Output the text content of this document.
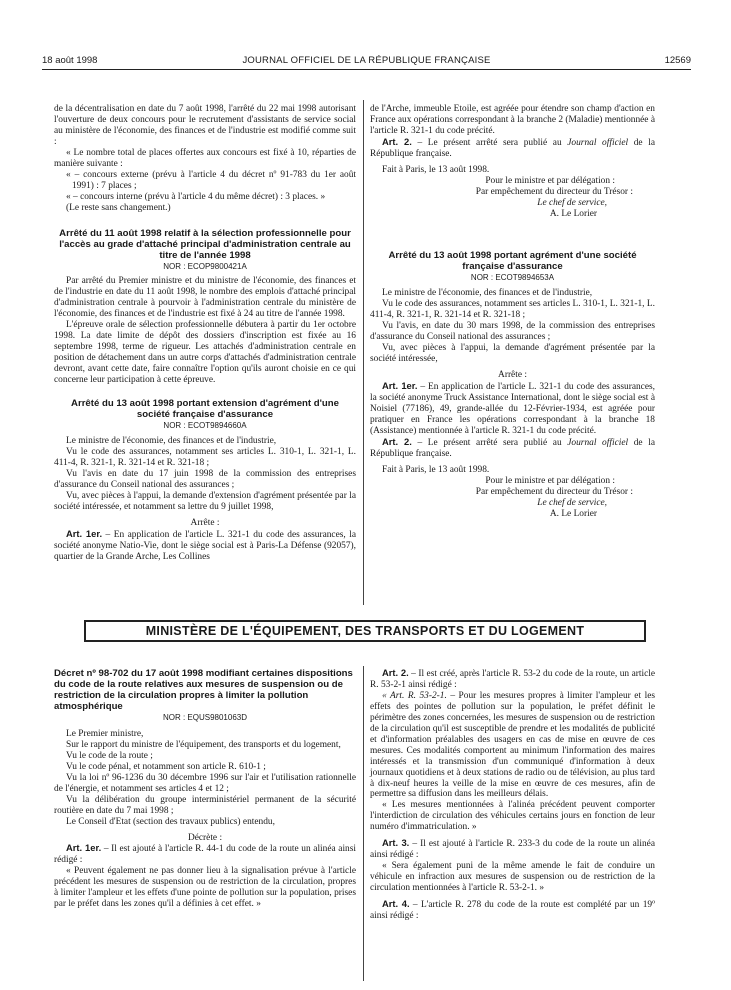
18 août 1998	JOURNAL OFFICIEL DE LA RÉPUBLIQUE FRANÇAISE	12569

de la décentralisation en date du 7 août 1998, l'arrêté du 22 mai 1998 autorisant l'ouverture de deux concours pour le recrutement d'assistants de service social au ministère de l'économie, des finances et de l'industrie est modifié comme suit :

« Le nombre total de places offertes aux concours est fixé à 10, réparties de manière suivante :

« – concours externe (prévu à l'article 4 du décret nº 91-783 du 1er août 1991) : 7 places ;

« – concours interne (prévu à l'article 4 du même décret) : 3 places. »

(Le reste sans changement.)

Arrêté du 11 août 1998 relatif à la sélection professionnelle pour l'accès au grade d'attaché principal d'administration centrale au titre de l'année 1998

NOR : ECOP9800421A

Par arrêté du Premier ministre et du ministre de l'économie, des finances et de l'industrie en date du 11 août 1998, le nombre des emplois d'attaché principal d'administration centrale à pourvoir à l'administration centrale du ministère de l'économie, des finances et de l'industrie est fixé à 24 au titre de l'année 1998.

L'épreuve orale de sélection professionnelle débutera à partir du 1er octobre 1998. La date limite de dépôt des dossiers d'inscription est fixée au 16 septembre 1998, terme de rigueur. Les attachés d'administration centrale en position de détachement dans un autre corps d'attachés d'administration centrale devront, avant cette date, faire connaître l'option qu'ils auront choisie en ce qui concerne leur participation à cette épreuve.

Arrêté du 13 août 1998 portant extension d'agrément d'une société française d'assurance

NOR : ECOT9894660A

Le ministre de l'économie, des finances et de l'industrie,

Vu le code des assurances, notamment ses articles L. 310-1, L. 321-1, L. 411-4, R. 321-1, R. 321-14 et R. 321-18 ;

Vu l'avis en date du 17 juin 1998 de la commission des entreprises d'assurance du Conseil national des assurances ;

Vu, avec pièces à l'appui, la demande d'extension d'agrément présentée par la société intéressée, et notamment sa lettre du 9 juillet 1998,

Arrête :

Art. 1er. – En application de l'article L. 321-1 du code des assurances, la société anonyme Natio-Vie, dont le siège social est à Paris-La Défense (92057), quartier de la Grande Arche, Les Collines

de l'Arche, immeuble Etoile, est agréée pour étendre son champ d'action en France aux opérations correspondant à la branche 2 (Maladie) mentionnée à l'article R. 321-1 du code précité.

Art. 2. – Le présent arrêté sera publié au Journal officiel de la République française.

Fait à Paris, le 13 août 1998.

Pour le ministre et par délégation :

Par empêchement du directeur du Trésor :

Le chef de service,

A. Le Lorier

Arrêté du 13 août 1998 portant agrément d'une société française d'assurance

NOR : ECOT9894653A

Le ministre de l'économie, des finances et de l'industrie,

Vu le code des assurances, notamment ses articles L. 310-1, L. 321-1, L. 411-4, R. 321-1, R. 321-14 et R. 321-18 ;

Vu l'avis, en date du 30 mars 1998, de la commission des entreprises d'assurance du Conseil national des assurances ;

Vu, avec pièces à l'appui, la demande d'agrément présentée par la société intéressée,

Arrête :

Art. 1er. – En application de l'article L. 321-1 du code des assurances, la société anonyme Truck Assistance International, dont le siège social est à Noisiel (77186), 49, grande-allée du 12-Février-1934, est agréée pour pratiquer en France les opérations correspondant à la branche 18 (Assistance) mentionnée à l'article R. 321-1 du code précité.

Art. 2. – Le présent arrêté sera publié au Journal officiel de la République française.

Fait à Paris, le 13 août 1998.

Pour le ministre et par délégation :

Par empêchement du directeur du Trésor :

Le chef de service,

A. Le Lorier

MINISTÈRE DE L'ÉQUIPEMENT, DES TRANSPORTS ET DU LOGEMENT
Décret nº 98-702 du 17 août 1998 modifiant certaines dispositions du code de la route relatives aux mesures de suspension ou de restriction de la circulation propres à limiter la pollution atmosphérique

NOR : EQUS9801063D

Le Premier ministre,

Sur le rapport du ministre de l'équipement, des transports et du logement,

Vu le code de la route ;

Vu le code pénal, et notamment son article R. 610-1 ;

Vu la loi nº 96-1236 du 30 décembre 1996 sur l'air et l'utilisation rationnelle de l'énergie, et notamment ses articles 4 et 12 ;

Vu la délibération du groupe interministériel permanent de la sécurité routière en date du 7 mai 1998 ;

Le Conseil d'Etat (section des travaux publics) entendu,

Décrète :

Art. 1er. – Il est ajouté à l'article R. 44-1 du code de la route un alinéa ainsi rédigé :

« Peuvent également ne pas donner lieu à la signalisation prévue à l'article précédent les mesures de suspension ou de restriction de la circulation, propres à limiter l'ampleur et les effets d'une pointe de pollution sur la population, prises par le préfet dans les zones qu'il a définies à cet effet. »

Art. 2. – Il est créé, après l'article R. 53-2 du code de la route, un article R. 53-2-1 ainsi rédigé :

« Art. R. 53-2-1. – Pour les mesures propres à limiter l'ampleur et les effets des pointes de pollution sur la population, le préfet définit le périmètre des zones concernées, les mesures de suspension ou de restriction de la circulation qu'il est susceptible de prendre et les modalités de publicité et d'information préalables des usagers en cas de mise en œuvre de ces mesures. Ces modalités comportent au minimum l'information des maires intéressés et la transmission d'un communiqué d'information à deux journaux quotidiens et à deux stations de radio ou de télévision, au plus tard à dix-neuf heures la veille de la mise en œuvre de ces mesures, afin de permettre sa diffusion dans les meilleurs délais.

« Les mesures mentionnées à l'alinéa précédent peuvent comporter l'interdiction de circulation des véhicules certains jours en fonction de leur numéro d'immatriculation. »

Art. 3. – Il est ajouté à l'article R. 233-3 du code de la route un alinéa ainsi rédigé :

« Sera également puni de la même amende le fait de conduire un véhicule en infraction aux mesures de suspension ou de restriction de la circulation mentionnées à l'article R. 53-2-1. »

Art. 4. – L'article R. 278 du code de la route est complété par un 19º ainsi rédigé :
